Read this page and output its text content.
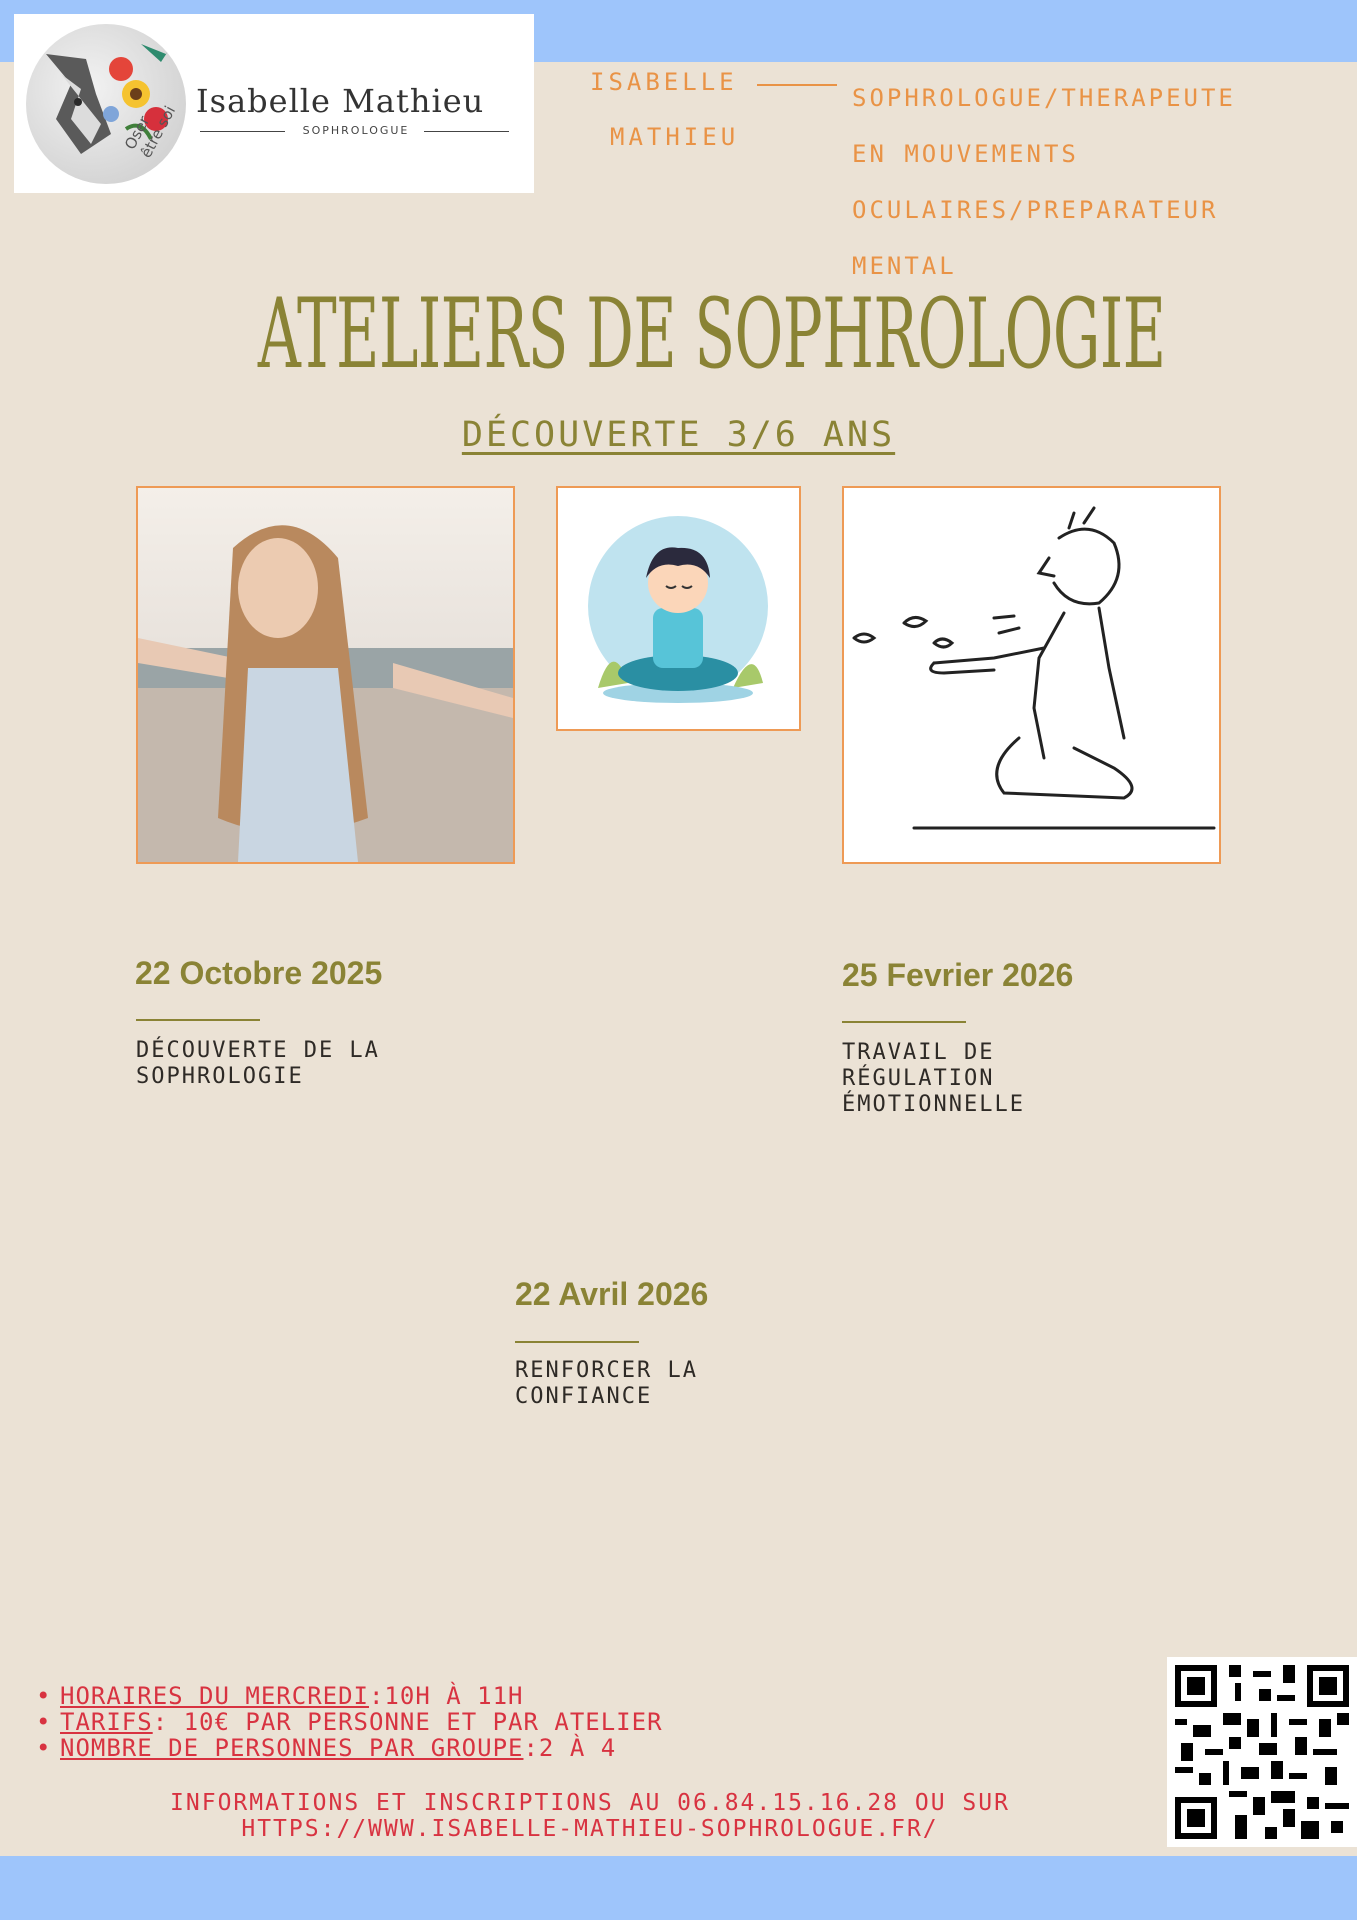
Oser être soi
Isabelle Mathieu
SOPHROLOGUE
ISABELLE
MATHIEU
SOPHROLOGUE/THERAPEUTE
EN MOUVEMENTS
OCULAIRES/PREPARATEUR
MENTAL
ATELIERS DE SOPHROLOGIE
DÉCOUVERTE 3/6 ANS
22 Octobre 2025
DÉCOUVERTE DE LA
SOPHROLOGIE
25 Fevrier 2026
TRAVAIL DE
RÉGULATION
ÉMOTIONNELLE
22 Avril 2026
RENFORCER LA
CONFIANCE
• HORAIRES DU MERCREDI:10H À 11H
• TARIFS: 10€ PAR PERSONNE ET PAR ATELIER
• NOMBRE DE PERSONNES PAR GROUPE:2 À 4
INFORMATIONS ET INSCRIPTIONS AU 06.84.15.16.28 OU SUR
HTTPS://WWW.ISABELLE-MATHIEU-SOPHROLOGUE.FR/
